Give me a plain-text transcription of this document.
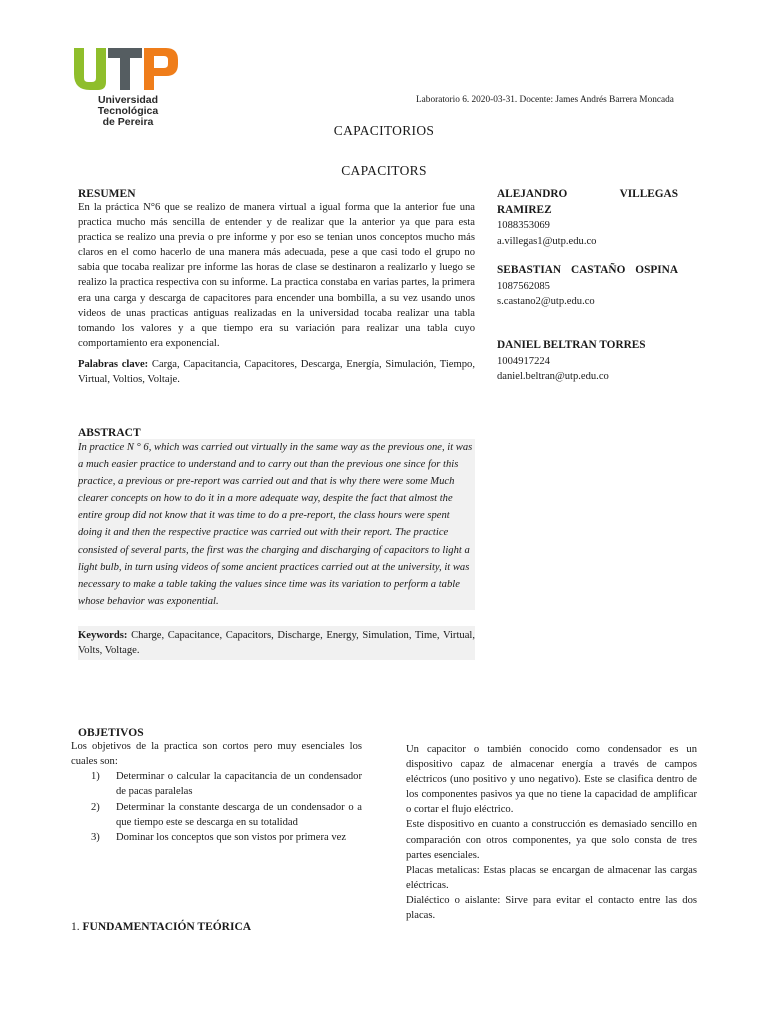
Universidad Tecnológica
de Pereira
Laboratorio 6. 2020-03-31. Docente: James Andrés Barrera Moncada
CAPACITORIOS
CAPACITORS
RESUMEN
En la práctica N°6 que se realizo de manera virtual a igual forma que la anterior fue una practica mucho más sencilla de entender y de realizar que la anterior ya que para esta practica se realizo una previa o pre informe y por eso se tenian unos conceptos mucho más claros en el como hacerlo de una manera más adecuada, pese a que casi todo el grupo no sabia que tocaba realizar pre informe las horas de clase se destinaron a realizarlo y luego se realizo la practica respectiva con su informe. La practica constaba en varias partes, la primera era una carga y descarga de capacitores para encender una bombilla, a su vez usando unos videos de unas practicas antiguas realizadas en la universidad tocaba realizar una tabla tomando los valores y a que tiempo era su variación para realizar una tabla cuyo comportamiento era exponencial.
Palabras clave: Carga, Capacitancia, Capacitores, Descarga, Energía, Simulación, Tiempo, Virtual, Voltios, Voltaje.
ABSTRACT
In practice N ° 6, which was carried out virtually in the same way as the previous one, it was a much easier practice to understand and to carry out than the previous one since for this practice, a previous or pre-report was carried out and that is why there were some Much clearer concepts on how to do it in a more adequate way, despite the fact that almost the entire group did not know that it was time to do a pre-report, the class hours were spent doing it and then the respective practice was carried out with their report. The practice consisted of several parts, the first was the charging and discharging of capacitors to light a light bulb, in turn using videos of some ancient practices carried out at the university, it was necessary to make a table taking the values since time was its variation to perform a table whose behavior was exponential.
Keywords: Charge, Capacitance, Capacitors, Discharge, Energy, Simulation, Time, Virtual, Volts, Voltage.
ALEJANDRO VILLEGAS RAMIREZ
1088353069
a.villegas1@utp.edu.co
SEBASTIAN CASTAÑO OSPINA
1087562085
s.castano2@utp.edu.co
DANIEL BELTRAN TORRES
1004917224
daniel.beltran@utp.edu.co
OBJETIVOS
Los objetivos de la practica son cortos pero muy esenciales los cuales son:
1) Determinar o calcular la capacitancia de un condensador de pacas paralelas
2) Determinar la constante descarga de un condensador o a que tiempo este se descarga en su totalidad
3) Dominar los conceptos que son vistos por primera vez
1. FUNDAMENTACIÓN TEÓRICA
Un capacitor o también conocido como condensador es un dispositivo capaz de almacenar energía a través de campos eléctricos (uno positivo y uno negativo). Este se clasifica dentro de los componentes pasivos ya que no tiene la capacidad de amplificar o cortar el flujo eléctrico.
Este dispositivo en cuanto a construcción es demasiado sencillo en comparación con otros componentes, ya que solo consta de tres partes esenciales.
Placas metalicas: Estas placas se encargan de almacenar las cargas eléctricas.
Dialéctico o aislante: Sirve para evitar el contacto entre las dos placas.
